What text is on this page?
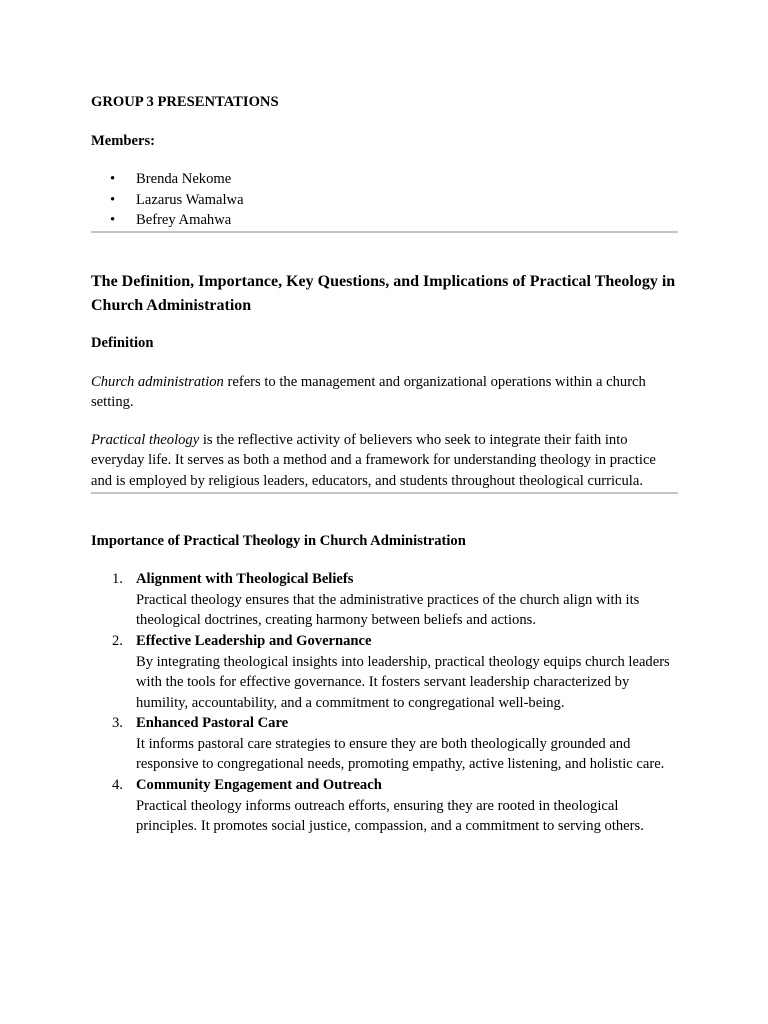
GROUP 3 PRESENTATIONS

Members:

• Brenda Nekome
• Lazarus Wamalwa
• Befrey Amahwa

The Definition, Importance, Key Questions, and Implications of Practical Theology in Church Administration

Definition

Church administration refers to the management and organizational operations within a church setting.

Practical theology is the reflective activity of believers who seek to integrate their faith into everyday life. It serves as both a method and a framework for understanding theology in practice and is employed by religious leaders, educators, and students throughout theological curricula.

Importance of Practical Theology in Church Administration

1. Alignment with Theological Beliefs
Practical theology ensures that the administrative practices of the church align with its theological doctrines, creating harmony between beliefs and actions.
2. Effective Leadership and Governance
By integrating theological insights into leadership, practical theology equips church leaders with the tools for effective governance. It fosters servant leadership characterized by humility, accountability, and a commitment to congregational well-being.
3. Enhanced Pastoral Care
It informs pastoral care strategies to ensure they are both theologically grounded and responsive to congregational needs, promoting empathy, active listening, and holistic care.
4. Community Engagement and Outreach
Practical theology informs outreach efforts, ensuring they are rooted in theological principles. It promotes social justice, compassion, and a commitment to serving others.
